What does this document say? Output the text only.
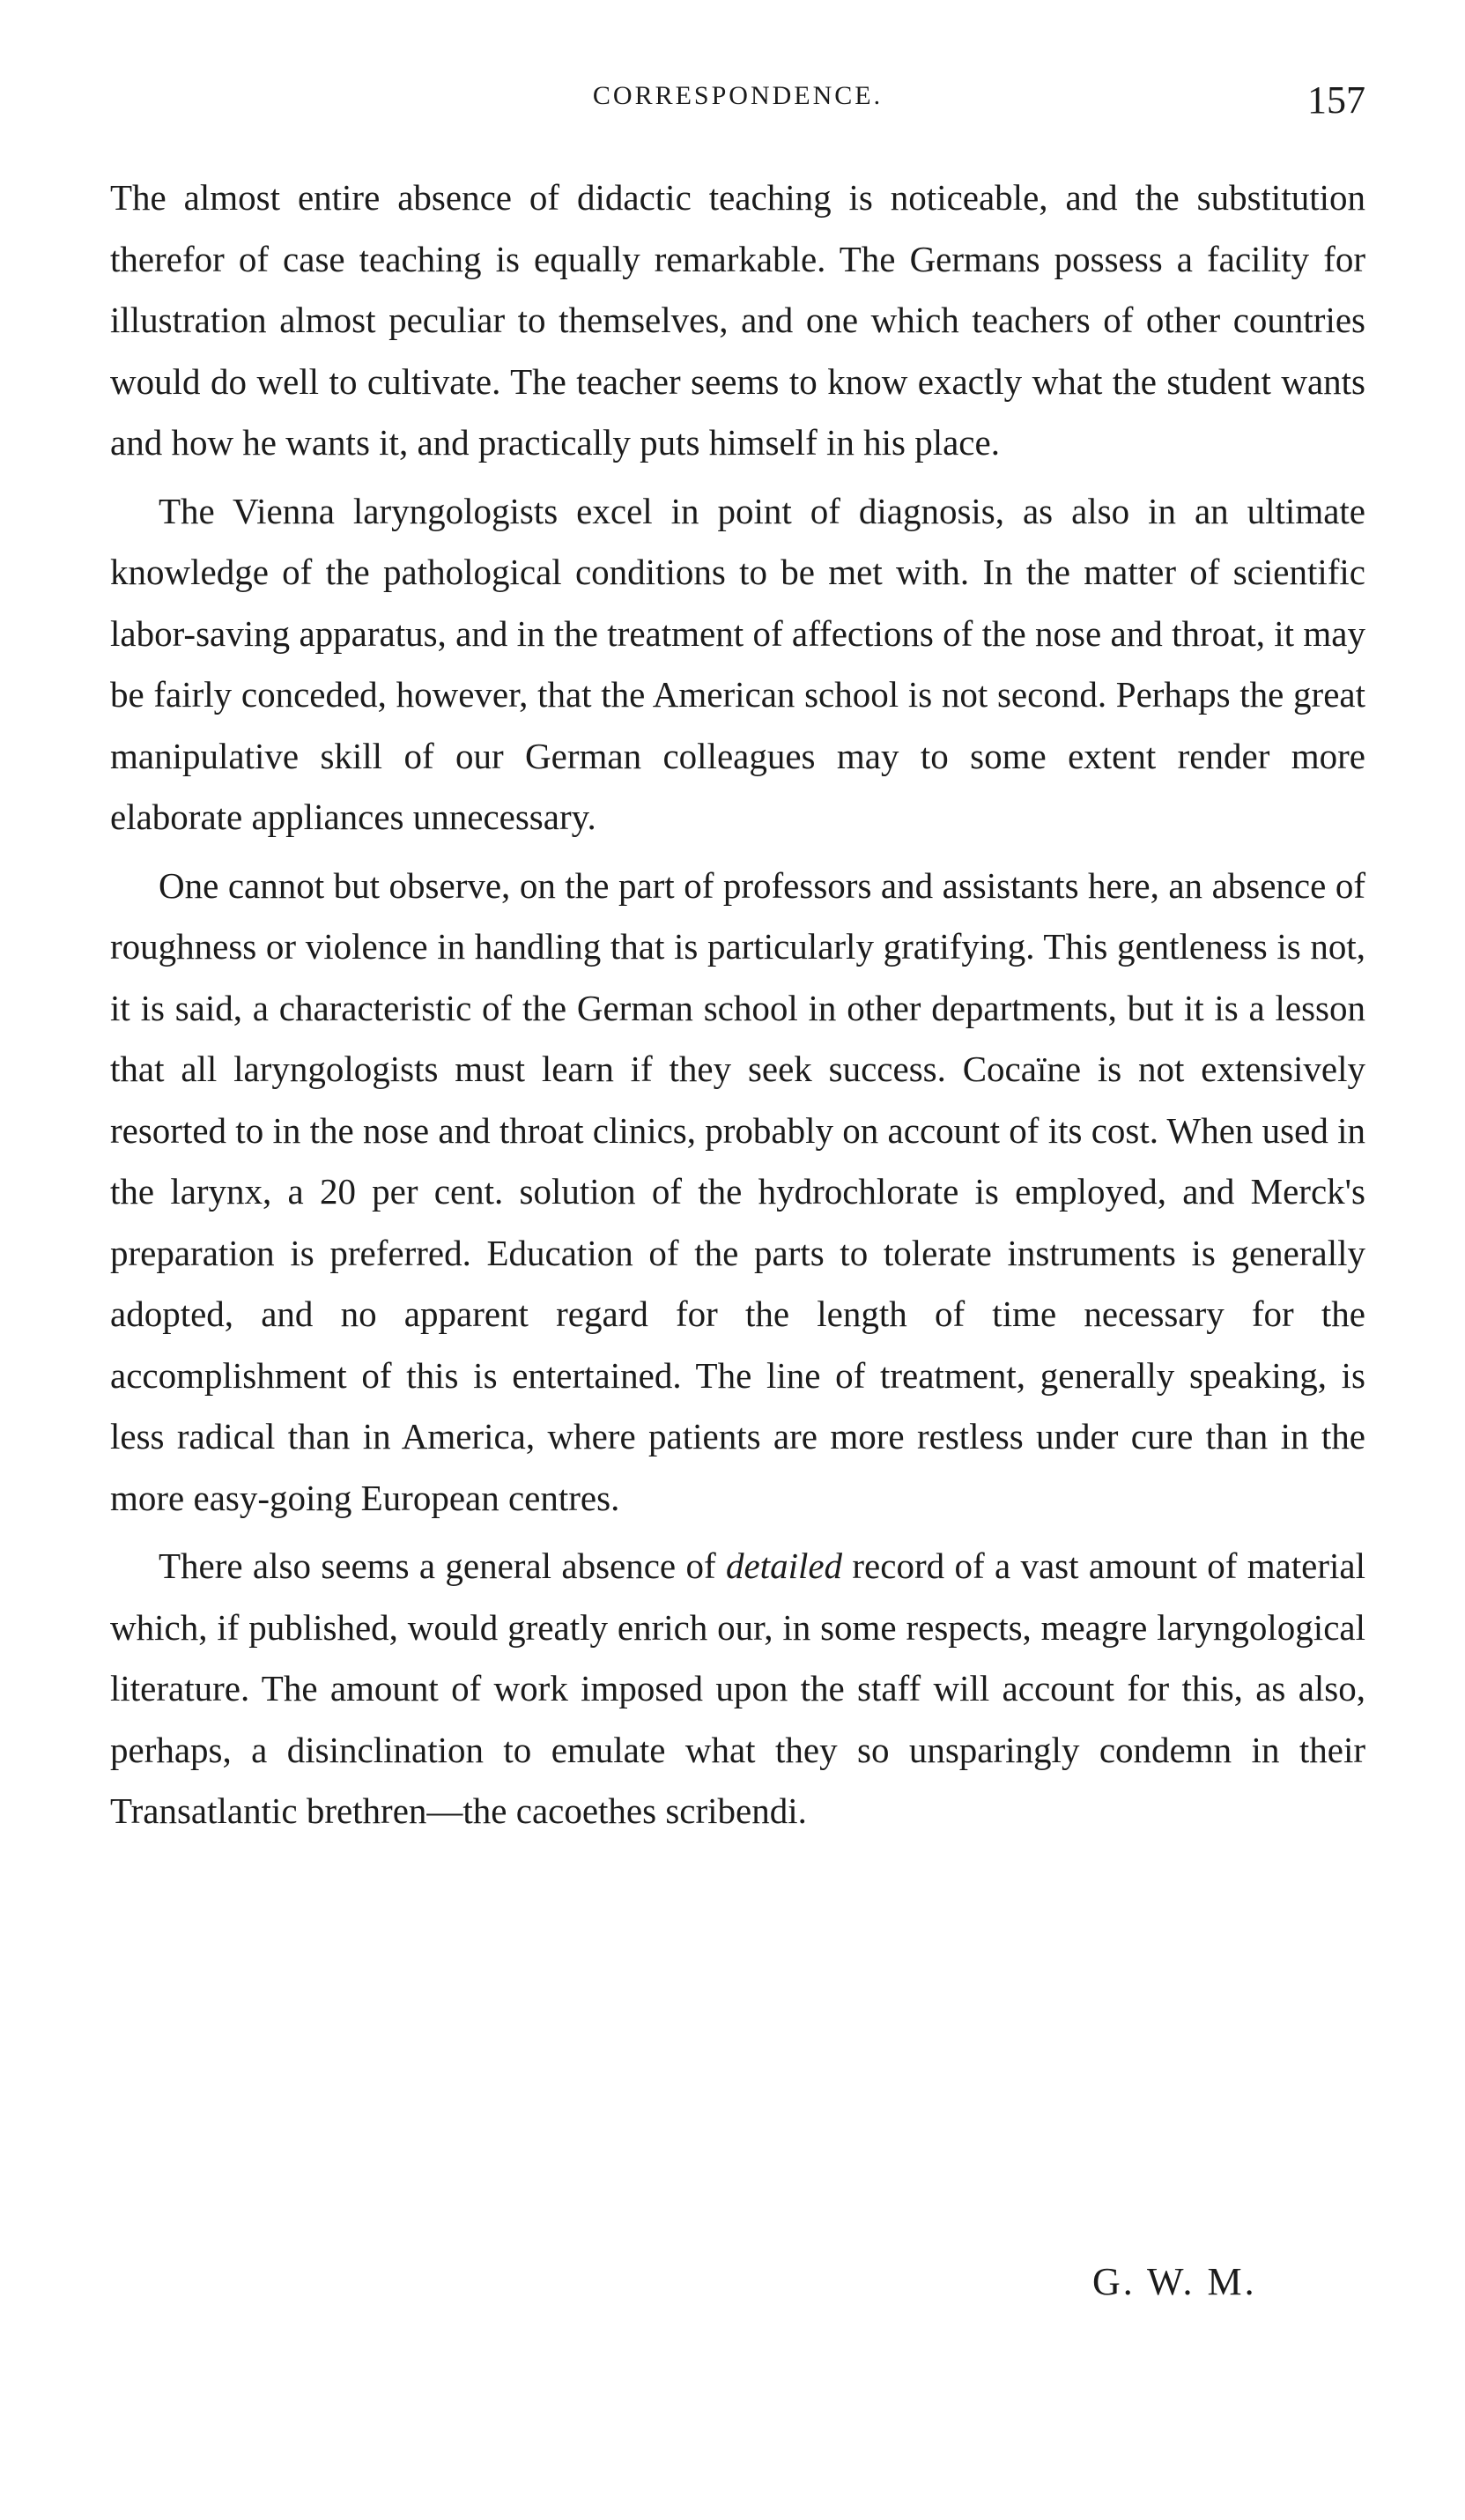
CORRESPONDENCE.	157

The almost entire absence of didactic teaching is noticeable, and the substitution therefor of case teaching is equally remarkable. The Germans possess a facility for illustration almost peculiar to themselves, and one which teachers of other countries would do well to cultivate. The teacher seems to know exactly what the student wants and how he wants it, and practically puts himself in his place.

The Vienna laryngologists excel in point of diagnosis, as also in an ultimate knowledge of the pathological conditions to be met with. In the matter of scientific labor-saving apparatus, and in the treatment of affections of the nose and throat, it may be fairly conceded, however, that the American school is not second. Perhaps the great manipulative skill of our German colleagues may to some extent render more elaborate appliances unnecessary.

One cannot but observe, on the part of professors and assistants here, an absence of roughness or violence in handling that is particularly gratifying. This gentleness is not, it is said, a characteristic of the German school in other departments, but it is a lesson that all laryngologists must learn if they seek success. Cocaïne is not extensively resorted to in the nose and throat clinics, probably on account of its cost. When used in the larynx, a 20 per cent. solution of the hydrochlorate is employed, and Merck's preparation is preferred. Education of the parts to tolerate instruments is generally adopted, and no apparent regard for the length of time necessary for the accomplishment of this is entertained. The line of treatment, generally speaking, is less radical than in America, where patients are more restless under cure than in the more easy-going European centres.

There also seems a general absence of detailed record of a vast amount of material which, if published, would greatly enrich our, in some respects, meagre laryngological literature. The amount of work imposed upon the staff will account for this, as also, perhaps, a disinclination to emulate what they so unsparingly condemn in their Transatlantic brethren—the cacoethes scribendi.

G. W. M.
